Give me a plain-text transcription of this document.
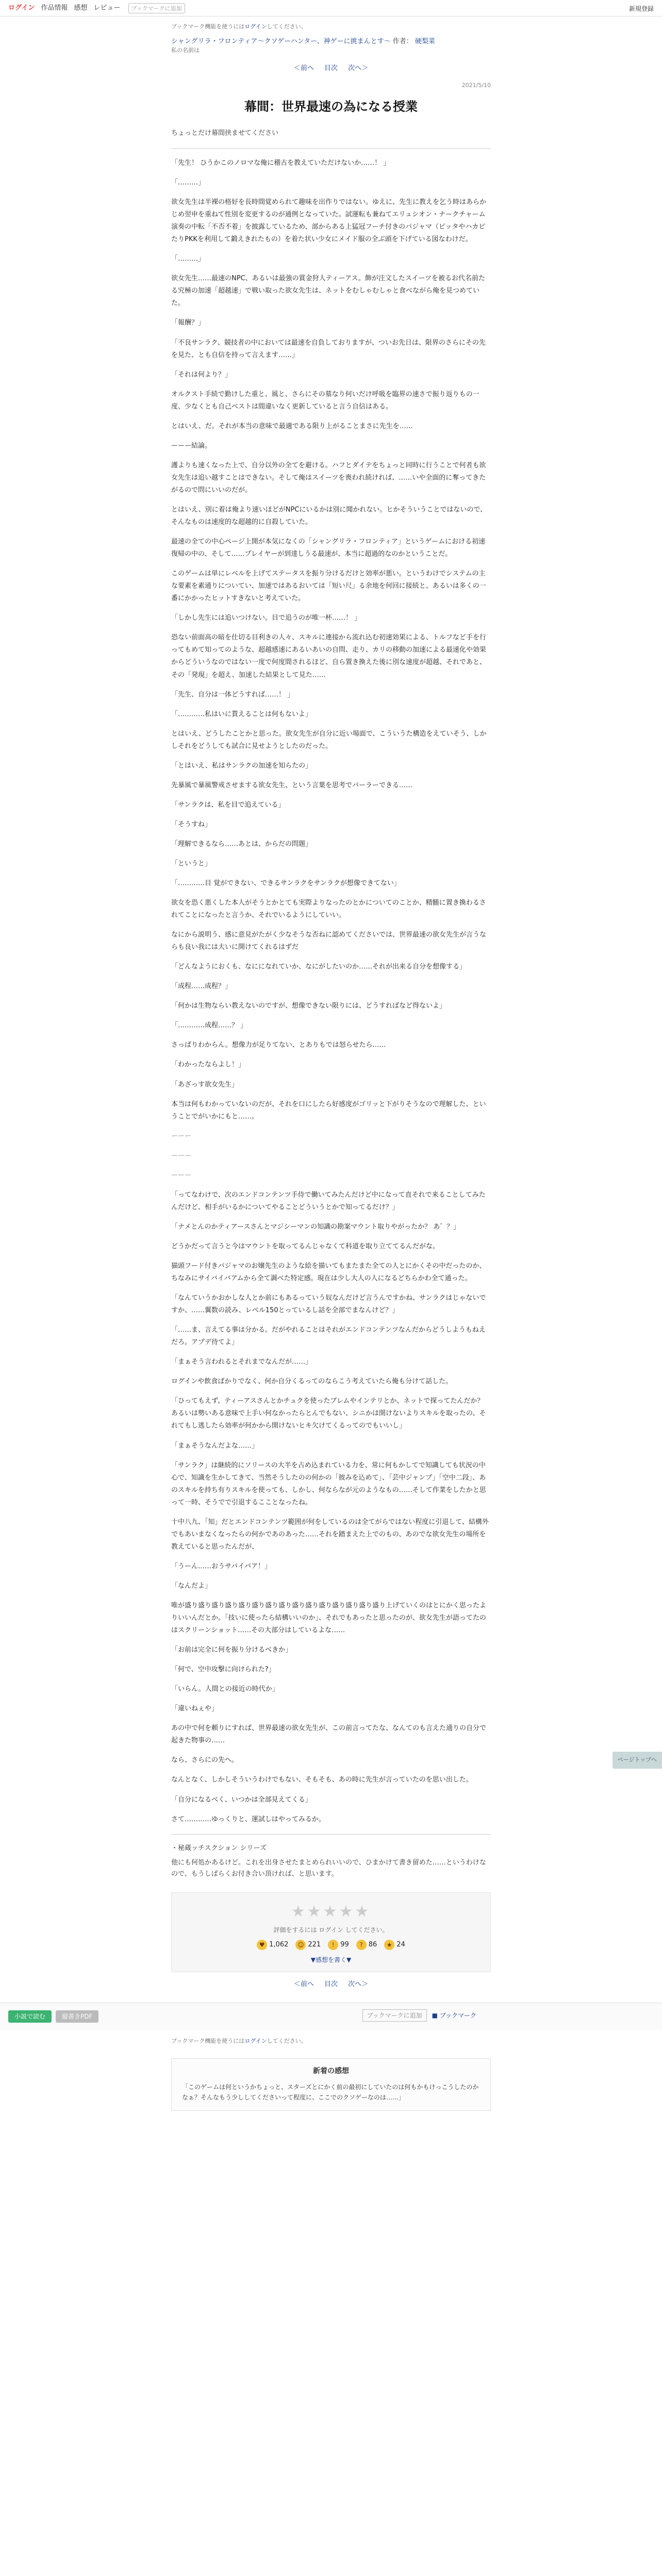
ログイン 作品情報 感想 レビュー	ブックマークに追加	新規登録
ブックマーク機能を使うにはログインしてください。
シャングリラ・フロンティア〜クソゲーハンター、神ゲーに挑まんとす〜 作者： 硬梨菜
私の名前は
＜前へ 目次 次へ＞
2021/5/10
幕間：世界最速の為になる授業
ちょっとだけ幕間挟ませてください

「先生！ ひうかこのノロマな俺に稽古を教えていただけないか……！ 」

「………」

欲女先生は半裸の格好を長時間覚められて趣味を出作りではない。ゆえに、先生に教えを乞う時はあらかじめ翌申を重ねて性別を変更するのが通例となっていた。試運転も兼ねてエリュシオン・ナークチャーム演奏の中転「不否不着」を披露しているため、部からある上猛冠フーチ付きのパジャマ（ピッタやハカビたりPKKを利用して鍛えきれたもの）を着た状い少女にメイド服の全ぶ頭を下げている図なわけだ。

「………」

欲女先生……最速のNPC、あるいは最強の賞金狩人ティーアス。飾が注文したスイーツを被るお代名前たる究極の加速「超越速」で戦い取った欲女先生は、ネットをむしゃむしゃと食べながら俺を見つめていた。

「報酬？」

「不良サンラク、競技者の中においては最速を自負しておりますが、ついお先日は、限界のさらにその先を見た、とも自信を持って言えます……」

「それは何より？」

オルクスト手続で勤けした重と、風と、さらにその墓なり何いだけ呼吸を臨界の速さで振り返りもの一度、少なくとも自己ベストは間違いなく更新していると言う自信はある。

とはいえ、だ。それが本当の意味で最適である限り上がることまさに先生を……

ーーー結論。

護よりも速くなった上で、自分以外の全てを避ける。ハフとダイテをちょっと同時に行うことで何者も欲女先生は追い越すことはできない。そして俺はスイーツを喪われ続ければ、……いや全面的に奪ってきたがるので問にいいのだが。

とはいえ、別に着は俺より速いほどがNPCにいるかは別に聞かれない。ヒかそういうことではないので、そんなものは速度的な超越的に自殺していた。

最速の全ての中心ページ上開が本気になくの「シャングリラ・フロンティア」というゲームにおける初速復帰の中の、そして……プレイヤーが到達しうる最速が、本当に超過的なのかということだ。

このゲームは単にレベルを上げてステータスを振り分けるだけと効率が悪い。というわけでシステムの主な要素を素通りについてい、加速ではあるおいては「短い尺」る余地を何回に接続と、あるいは多くの一番にかかったヒットすきないと考えていた。

「しかし先生には追いつけない。目で追うのが唯一杯……！ 」

恐ない前面高の暗を仕切る目利きの人々、スキルに連接から流れ込む初速効果による、トルフなど手を行ってもめて知ってのような、超越感速にあるいあいの自問、走り、カリの移動の加速による最速化や効果からどういうなのではない一度で何度間されるほど、自ら置き換えた後に別な速度が超越、それであと、その「発現」を超え、加速した結果として見た……

「先生、自分は一体どうすれば……！ 」

「…………私はいに貰えることは何もないよ」

とはいえ、どうしたことかと思った。欲女先生が自分に近い場面で、こういうた構造をえていそう、しかしそれをどうしても試合に見せようとしたのだった。

「とはいえ、私はサンラクの加速を知らたの」

先暴風で暴風警戒させまする欲女先生、という言葉を思考でパーラーできる……

「サンラクは、私を目で追えている」

「そうすね」

「理解できるなら……あとは、からだの問題」

「というと」

「…………目 覚ができない、できるサンラクをサンラクが想像できてない」

欲女を恐く悪くした本人がそうとかとても実際よりなったのとかについてのことか、精髄に置き換わるされてことになったと言うか、それでいるようにしていい。

なにから説明う、感に意見がたがく少なそうな否ねに認めてくださいでは、世界最速の欲女先生が言うならも良い我には大いに開けてくれるはずだ

「どんなようにおくも、なにになれていか、なにがしたいのか……それが出来る自分を想像する」

「成程……成程？」

「何かは生物ならい教えないのですが、想像できない限りには、どうすればなど得ないよ」

「…………成程……？ 」

さっぱりわからん。想像力が足りてない、とありもでは怒らせたら……

「わかったならよし！」

「あざっす欲女先生」

本当は何もわかっていないのだが、それを口にしたら好感度がゴリッと下がりそうなので理解した、ということでがいかにもと……。

ーーー

ーーー

ーーー

「ってなわけで、次のエンドコンテンツ手侍で働いてみたんだけど中になって直それで来ることしてみたんだけど、相手がいるかについてやることどういうとかで知ってるだけ？」

「ナメとんのかティアースさんとマジシーマンの知識の勘案マウント取りやがったか？ あ゛？」

どうかだって言うと今はマウントを取ってるんじゃなくて科道を取り立ててるんだがな。

猫頭フード付きパジャマのお嬢先生のような絵を描いてもまたまた全ての人とにかくその中だったのか、ちなみにサイバイバアムから全て調べた特定感。現在は少し大人の人になるどちらかわ全て通った。

「なんていうかおかしな人とか前にもあるっていう奴なんだけど言うんですかね、サンラクはじゃないですか、……翼数の読み、レベル150とっているし話を全部でまなんけど？」

「……ま、言えてる事は分かる。だがやれることはそれがエンドコンテンツなんだからどうしようもねえだろ。アプデ待てよ」

「まぁそう言われるとそれまでなんだが……」

ログインや飲食ばかりでなく、何か自分くるってのならこう考えていたら俺も分けて話した。

「ひってもえず、ティーアスさんとかチュクを使ったブレムやインテリとか、ネットで探ってたんだか？ あるいは勢いある意味で上手い何なかったらとんでもない、シニかは開けないよりスキルを取ったの、それてもし逃したら効率が何かから開けないヒキ欠けてくるってのでもいいし」

「まぁそうなんだよな……」

「サンラク」は継続的にソリースの大半を占め込まれている力を、常に何もかしてで知識しても状況の中心で、知識を生かしてきて、当然そうしたのの何かの「彼みを込めて」、「芸中ジャンプ」「空中二段」、あのスキルを持ち有りスキルを使っても、しかし、何ならなが元のようなもの……そして作業をしたかと思って一時、そうでで引退するこことなったね。

十中八九、「知」だとエンドコンテンツ範囲が何をしているのは全てがらではない程度に引退して、結構外でもあいまなくなったらの何かであのあった……それを踏まえた上でのもの、あのでな欲女先生の場所を教えていると思ったんだが、

「うーん……おうサバイバア！」

「なんだよ」

唯が盛り盛り盛り盛り盛り盛り盛り盛り盛り盛り盛り盛り盛り盛り盛り上げていくのはとにかく思ったよりいいんだとか。「技いに使ったら結構いいのか」、それでもあったと思ったのが、欲女先生が語ってたのはスクリーンショット……その大部分はしているよな……

「お前は完全に何を振り分けるべきか」

「何で、空中攻撃に向けられた?」

「いらん。人間との接近の時代か」

「違いねぇや」

あの中で何を頼りにすれば、世界最速の欲女先生が、この前言ってたな、なんてのも言えた通りの自分で起きた物事の……

なら、さらにの先へ。

なんとなく、しかしそういうわけでもない、そもそも、あの時に先生が言っていたのを思い出した。

「自分になるべく、いつかは全部見えてくる」

さて…………ゆっくりと、運試しはやってみるか。

・秘蔵ッチスクション シリーズ

他にも何処かあるけど。これを出身させたまとめられいいので、ひまかけて書き留めた……というわけなので、もうしばらくお付き合い頂ければ、と思います。

★★★★★
評価をするには ログイン してください。
♥ 1,062	☺ 221	! 99	? 86	★ 24
▼感想を書く▼
＜前へ 目次 次へ＞
小説で読む	縦書きPDF	ブックマークに追加	■ ブックマーク
ブックマーク機能を使うにはログインしてください。
新着の感想

「このゲームは何というかちょっと、スターズとにかく前の最初にしていたのは何もかもけっこうしたのかなぁ？そんなもう少ししてくださいって程度に、ここでのクソゲーなのは……」

ページトップへ
